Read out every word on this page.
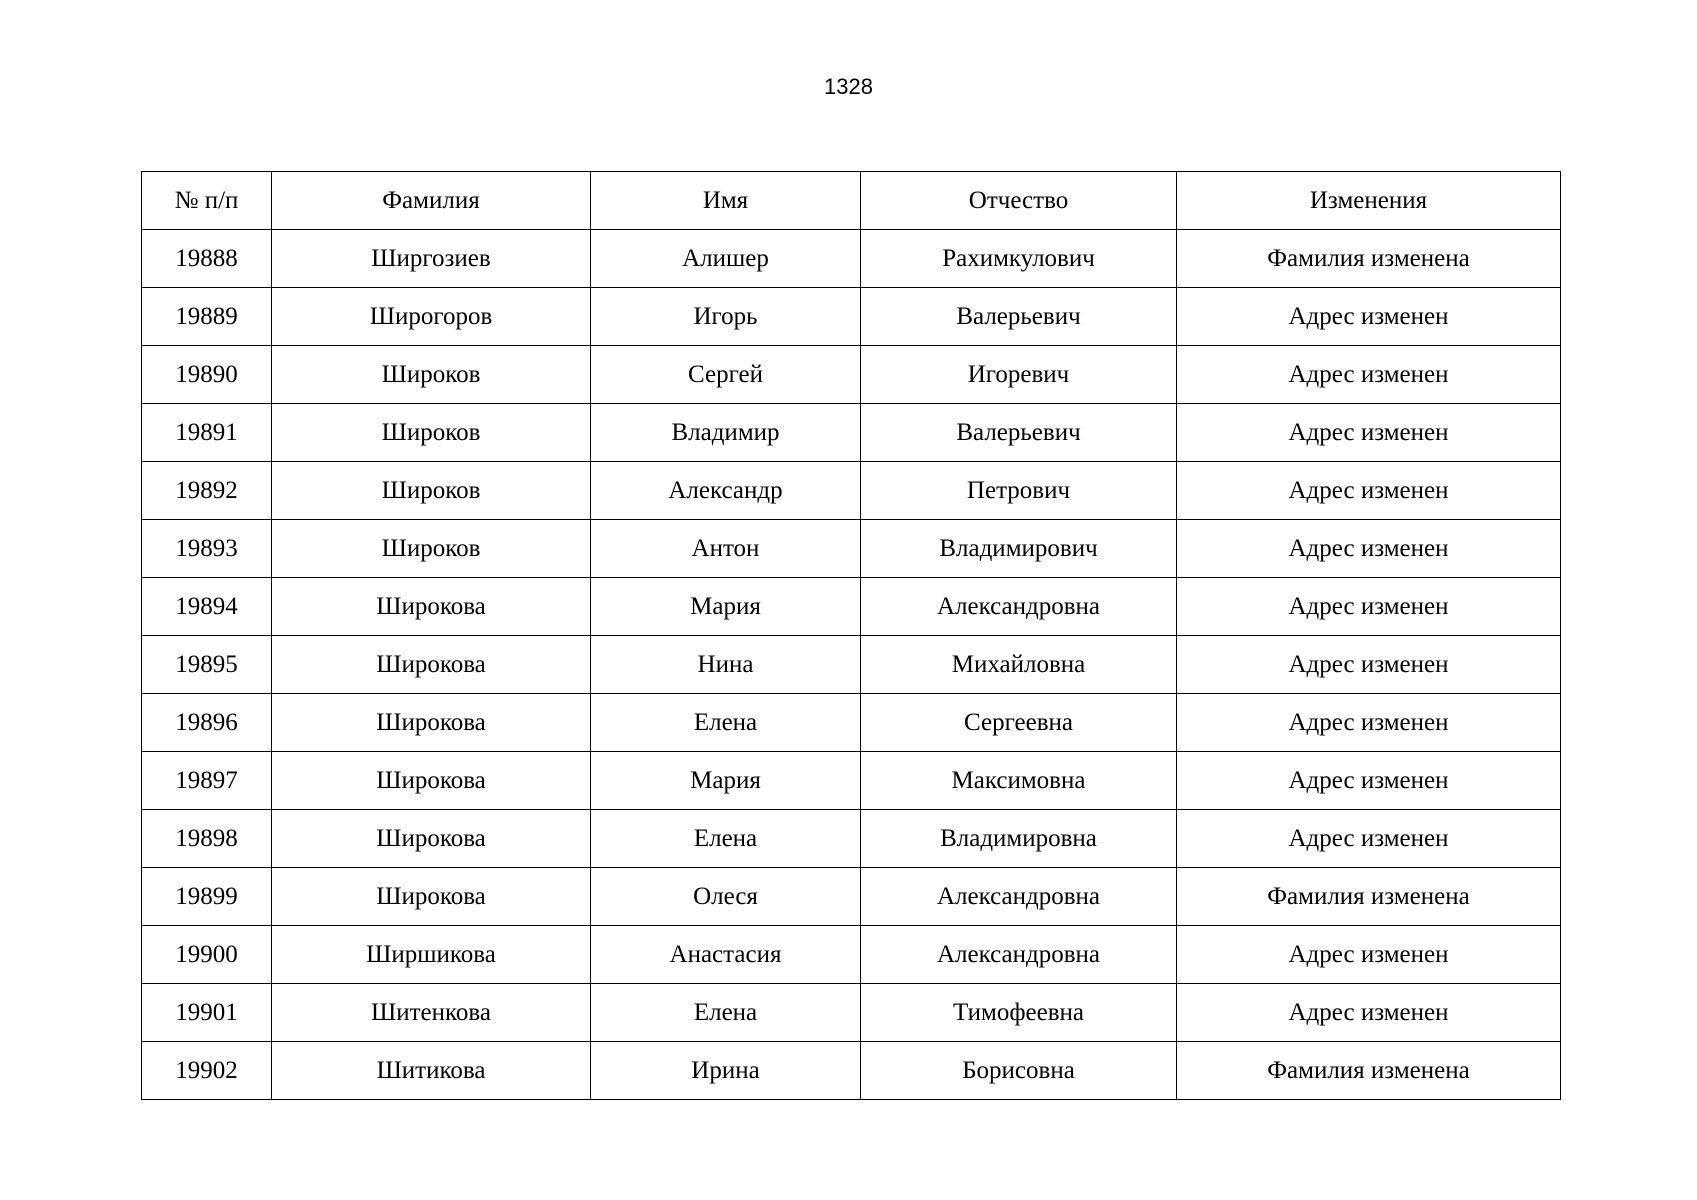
1328
№ п/п	Фамилия	Имя	Отчество	Изменения
19888	Ширгозиев	Алишер	Рахимкулович	Фамилия изменена
19889	Широгоров	Игорь	Валерьевич	Адрес изменен
19890	Широков	Сергей	Игоревич	Адрес изменен
19891	Широков	Владимир	Валерьевич	Адрес изменен
19892	Широков	Александр	Петрович	Адрес изменен
19893	Широков	Антон	Владимирович	Адрес изменен
19894	Широкова	Мария	Александровна	Адрес изменен
19895	Широкова	Нина	Михайловна	Адрес изменен
19896	Широкова	Елена	Сергеевна	Адрес изменен
19897	Широкова	Мария	Максимовна	Адрес изменен
19898	Широкова	Елена	Владимировна	Адрес изменен
19899	Широкова	Олеся	Александровна	Фамилия изменена
19900	Ширшикова	Анастасия	Александровна	Адрес изменен
19901	Шитенкова	Елена	Тимофеевна	Адрес изменен
19902	Шитикова	Ирина	Борисовна	Фамилия изменена
